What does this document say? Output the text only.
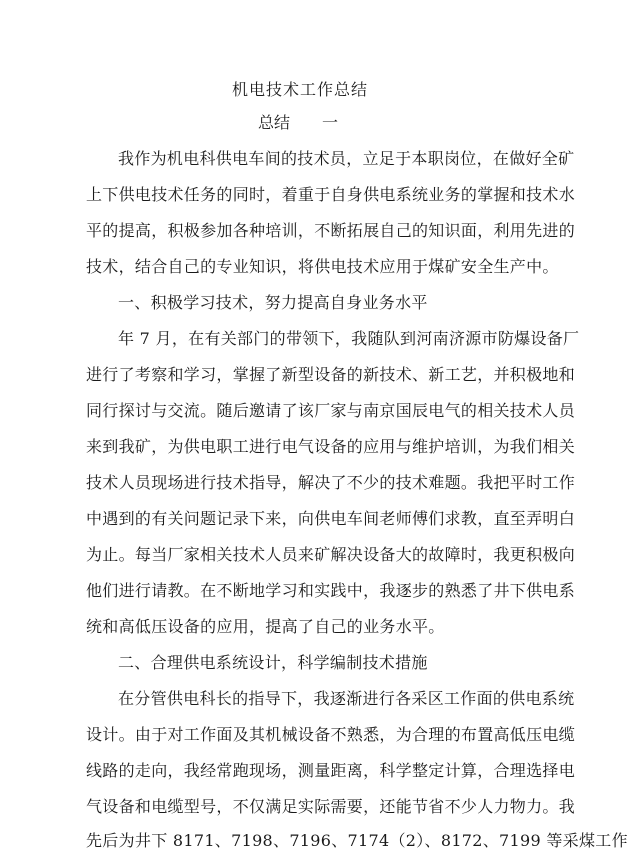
机电技术工作总结
总结　　一
我作为机电科供电车间的技术员，立足于本职岗位，在做好全矿
上下供电技术任务的同时，着重于自身供电系统业务的掌握和技术水
平的提高，积极参加各种培训，不断拓展自己的知识面，利用先进的
技术，结合自己的专业知识，将供电技术应用于煤矿安全生产中。
一、积极学习技术，努力提高自身业务水平
年 7 月，在有关部门的带领下，我随队到河南济源市防爆设备厂
进行了考察和学习，掌握了新型设备的新技术、新工艺，并积极地和
同行探讨与交流。随后邀请了该厂家与南京国辰电气的相关技术人员
来到我矿，为供电职工进行电气设备的应用与维护培训，为我们相关
技术人员现场进行技术指导，解决了不少的技术难题。我把平时工作
中遇到的有关问题记录下来，向供电车间老师傅们求教，直至弄明白
为止。每当厂家相关技术人员来矿解决设备大的故障时，我更积极向
他们进行请教。在不断地学习和实践中，我逐步的熟悉了井下供电系
统和高低压设备的应用，提高了自己的业务水平。
二、合理供电系统设计，科学编制技术措施
在分管供电科长的指导下，我逐渐进行各采区工作面的供电系统
设计。由于对工作面及其机械设备不熟悉，为合理的布置高低压电缆
线路的走向，我经常跑现场，测量距离，科学整定计算，合理选择电
气设备和电缆型号，不仅满足实际需要，还能节省不少人力物力。我
先后为井下 8171、7198、7196、7174（2）、8172、7199 等采煤工作
